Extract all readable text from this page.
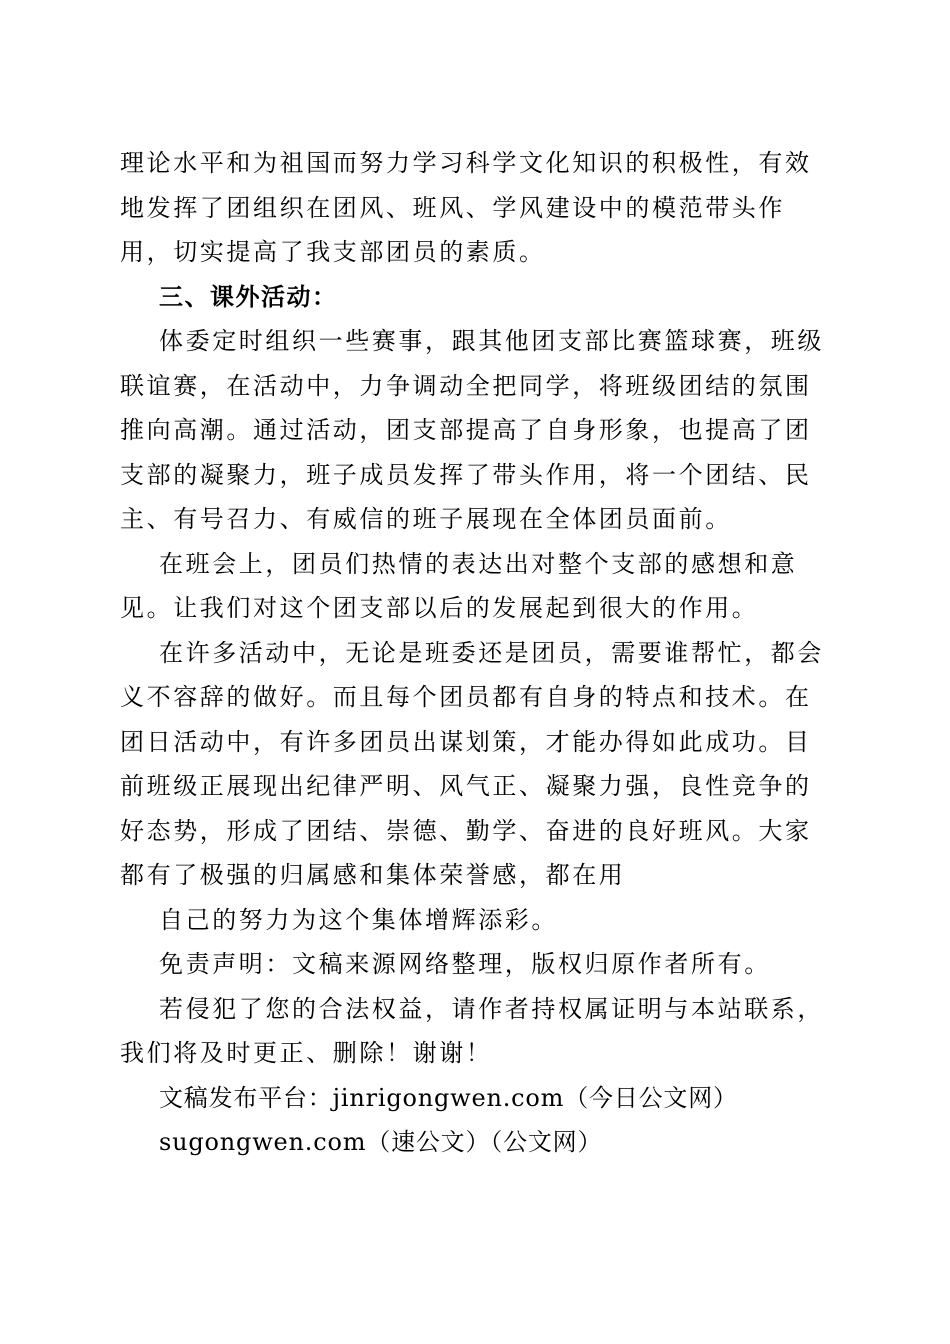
理论水平和为祖国而努力学习科学文化知识的积极性，有效地发挥了团组织在团风、班风、学风建设中的模范带头作用，切实提高了我支部团员的素质。

三、课外活动：

体委定时组织一些赛事，跟其他团支部比赛篮球赛，班级联谊赛，在活动中，力争调动全把同学，将班级团结的氛围推向高潮。通过活动，团支部提高了自身形象，也提高了团支部的凝聚力，班子成员发挥了带头作用，将一个团结、民主、有号召力、有威信的班子展现在全体团员面前。

在班会上，团员们热情的表达出对整个支部的感想和意见。让我们对这个团支部以后的发展起到很大的作用。

在许多活动中，无论是班委还是团员，需要谁帮忙，都会义不容辞的做好。而且每个团员都有自身的特点和技术。在团日活动中，有许多团员出谋划策，才能办得如此成功。目前班级正展现出纪律严明、风气正、凝聚力强，良性竞争的好态势，形成了团结、崇德、勤学、奋进的良好班风。大家都有了极强的归属感和集体荣誉感，都在用

自己的努力为这个集体增辉添彩。

免责声明：文稿来源网络整理，版权归原作者所有。

若侵犯了您的合法权益，请作者持权属证明与本站联系，我们将及时更正、删除！谢谢！

文稿发布平台：jinrigongwen.com（今日公文网）

sugongwen.com（速公文）（公文网）
